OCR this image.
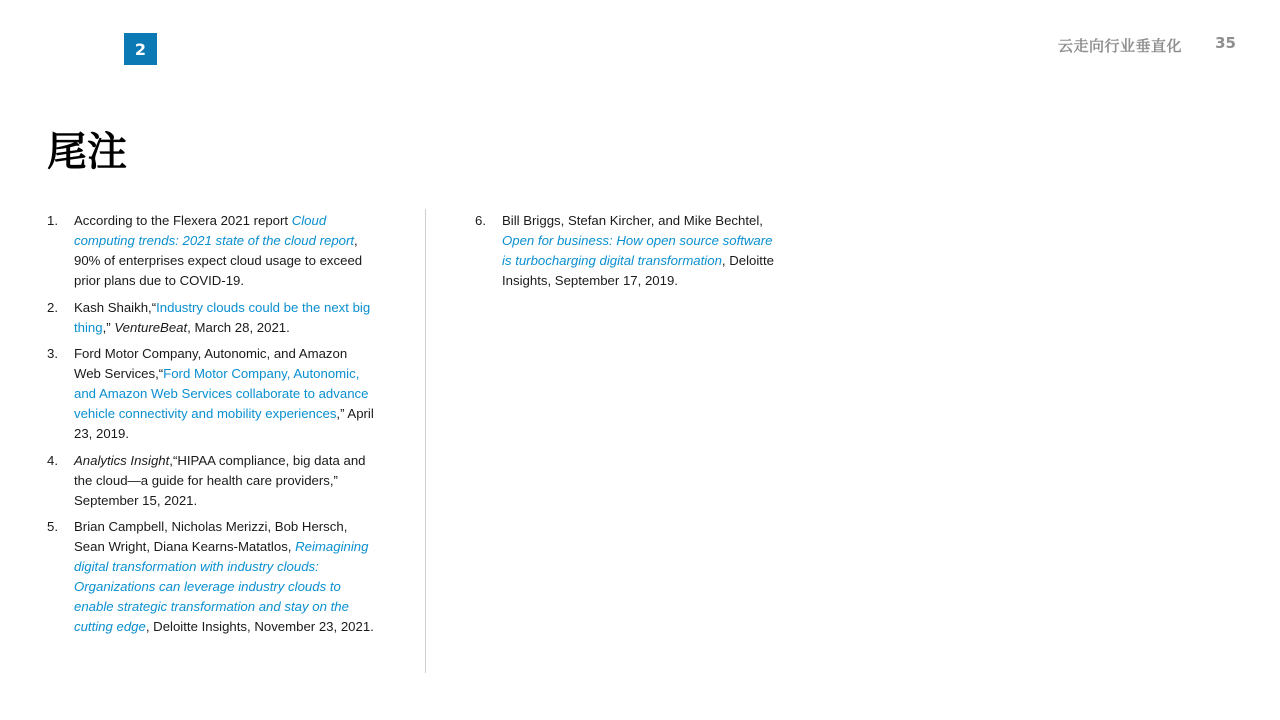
2	云走向行业垂直化 35
尾注
1. According to the Flexera 2021 report Cloud computing trends: 2021 state of the cloud report, 90% of enterprises expect cloud usage to exceed prior plans due to COVID-19.
2. Kash Shaikh,“Industry clouds could be the next big thing,” VentureBeat, March 28, 2021.
3. Ford Motor Company, Autonomic, and Amazon Web Services,“Ford Motor Company, Autonomic, and Amazon Web Services collaborate to advance vehicle connectivity and mobility experiences,” April 23, 2019.
4. Analytics Insight,“HIPAA compliance, big data and the cloud—a guide for health care providers,” September 15, 2021.
5. Brian Campbell, Nicholas Merizzi, Bob Hersch, Sean Wright, Diana Kearns-Matatlos, Reimagining digital transformation with industry clouds: Organizations can leverage industry clouds to enable strategic transformation and stay on the cutting edge, Deloitte Insights, November 23, 2021.
6. Bill Briggs, Stefan Kircher, and Mike Bechtel, Open for business: How open source software is turbocharging digital transformation, Deloitte Insights, September 17, 2019.
